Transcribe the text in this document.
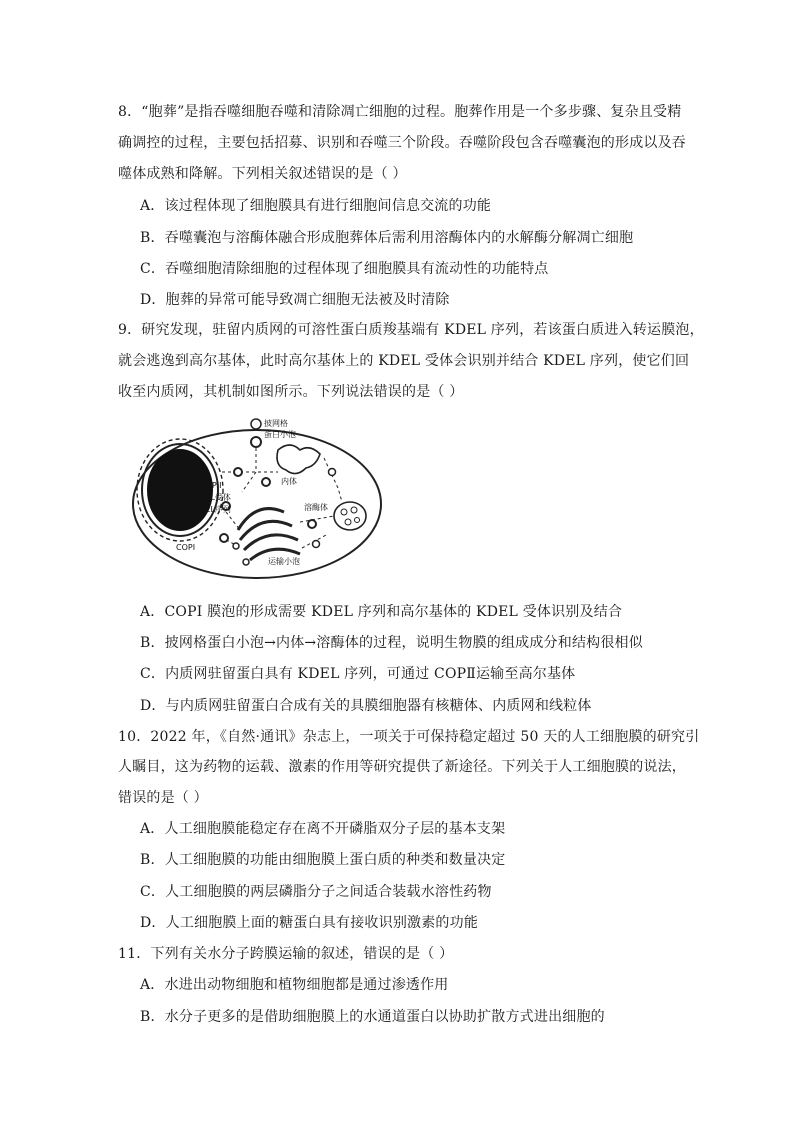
8．“胞葬”是指吞噬细胞吞噬和清除凋亡细胞的过程。胞葬作用是一个多步骤、复杂且受精
确调控的过程，主要包括招募、识别和吞噬三个阶段。吞噬阶段包含吞噬囊泡的形成以及吞
噬体成熟和降解。下列相关叙述错误的是（ ）
A．该过程体现了细胞膜具有进行细胞间信息交流的功能
B．吞噬囊泡与溶酶体融合形成胞葬体后需利用溶酶体内的水解酶分解凋亡细胞
C．吞噬细胞清除细胞的过程体现了细胞膜具有流动性的功能特点
D．胞葬的异常可能导致凋亡细胞无法被及时清除
9．研究发现，驻留内质网的可溶性蛋白质羧基端有 KDEL 序列，若该蛋白质进入转运膜泡，
就会逃逸到高尔基体，此时高尔基体上的 KDEL 受体会识别并结合 KDEL 序列，使它们回
收至内质网，其机制如图所示。下列说法错误的是（ ）
披网格
蛋白小泡
内体
COPII
KDEL受体
KDEL序列	溶酶体
COPI
运输小泡
A．COPI 膜泡的形成需要 KDEL 序列和高尔基体的 KDEL 受体识别及结合
B．披网格蛋白小泡→内体→溶酶体的过程，说明生物膜的组成成分和结构很相似
C．内质网驻留蛋白具有 KDEL 序列，可通过 COPⅡ运输至高尔基体
D．与内质网驻留蛋白合成有关的具膜细胞器有核糖体、内质网和线粒体
10．2022 年，《自然·通讯》杂志上，一项关于可保持稳定超过 50 天的人工细胞膜的研究引
人瞩目，这为药物的运载、激素的作用等研究提供了新途径。下列关于人工细胞膜的说法，
错误的是（ ）
A．人工细胞膜能稳定存在离不开磷脂双分子层的基本支架
B．人工细胞膜的功能由细胞膜上蛋白质的种类和数量决定
C．人工细胞膜的两层磷脂分子之间适合装载水溶性药物
D．人工细胞膜上面的糖蛋白具有接收识别激素的功能
11．下列有关水分子跨膜运输的叙述，错误的是（ ）
A．水进出动物细胞和植物细胞都是通过渗透作用
B．水分子更多的是借助细胞膜上的水通道蛋白以协助扩散方式进出细胞的
